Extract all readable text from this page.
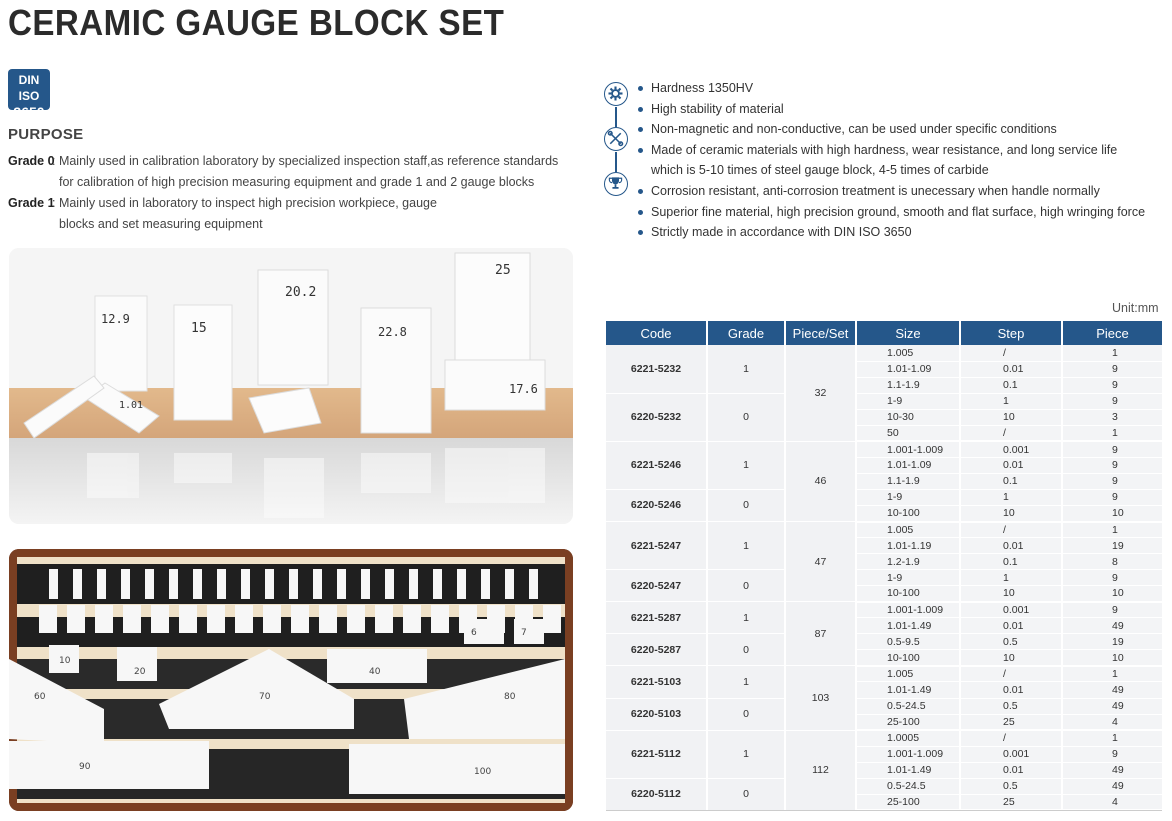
CERAMIC GAUGE BLOCK SET
DIN ISO
3650
PURPOSE
Grade 0
: Mainly used in calibration laboratory by specialized inspection staff,as reference standards
for calibration of high precision measuring equipment and grade 1 and 2 gauge blocks
Grade 1
: Mainly used in laboratory to inspect high precision workpiece, gauge
blocks and set measuring equipment
12.9
15
20.2
22.8
25
17.6
1.01
10
20	40
6	7
60	70	80
90	100
Hardness 1350HV
High stability of material
Non-magnetic and non-conductive, can be used under specific conditions
Made of ceramic materials with high hardness, wear resistance, and long service life
which is 5-10 times of steel gauge block, 4-5 times of carbide
Corrosion resistant, anti-corrosion treatment is unecessary when handle normally
Superior fine material, high precision ground, smooth and flat surface, high wringing force
Strictly made in accordance with DIN ISO 3650
Unit:mm
Code	Grade	Piece/Set	Size	Step	Piece
6221-5232	1	32	1.005	/	1
			1.01-1.09	0.01	9
			1.1-1.9	0.1	9
6220-5232	0		1-9	1	9
			10-30	10	3
			50	/	1
6221-5246	1	46	1.001-1.009	0.001	9
			1.01-1.09	0.01	9
			1.1-1.9	0.1	9
6220-5246	0		1-9	1	9
			10-100	10	10
6221-5247	1	47	1.005	/	1
			1.01-1.19	0.01	19
			1.2-1.9	0.1	8
6220-5247	0		1-9	1	9
			10-100	10	10
6221-5287	1	87	1.001-1.009	0.001	9
			1.01-1.49	0.01	49
6220-5287	0		0.5-9.5	0.5	19
			10-100	10	10
6221-5103	1	103	1.005	/	1
			1.01-1.49	0.01	49
6220-5103	0		0.5-24.5	0.5	49
			25-100	25	4
6221-5112	1	112	1.0005	/	1
			1.001-1.009	0.001	9
			1.01-1.49	0.01	49
6220-5112	0		0.5-24.5	0.5	49
			25-100	25	4
